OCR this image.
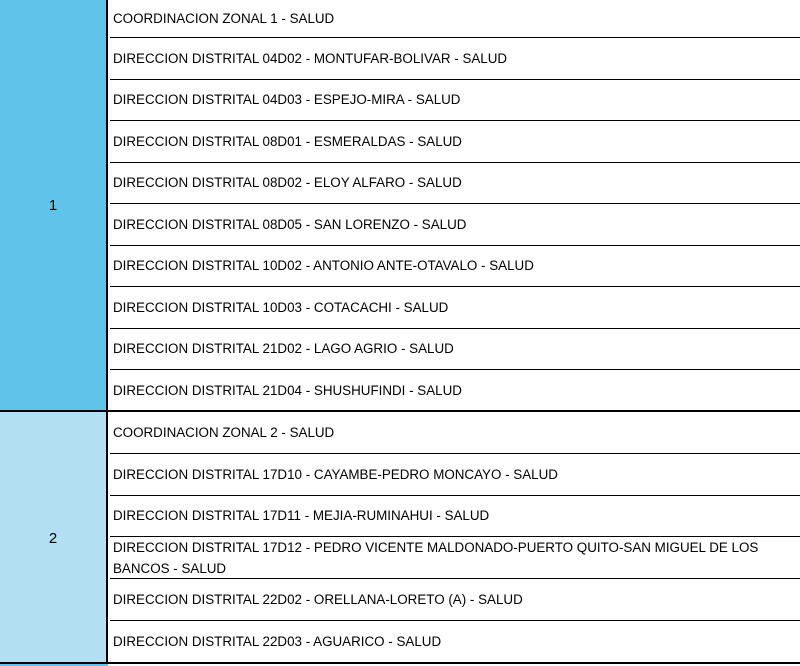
1
2
COORDINACION ZONAL 1 - SALUD
DIRECCION DISTRITAL 04D02 - MONTUFAR-BOLIVAR - SALUD
DIRECCION DISTRITAL 04D03 - ESPEJO-MIRA - SALUD
DIRECCION DISTRITAL 08D01 - ESMERALDAS - SALUD
DIRECCION DISTRITAL 08D02 - ELOY ALFARO - SALUD
DIRECCION DISTRITAL 08D05 - SAN LORENZO - SALUD
DIRECCION DISTRITAL 10D02 - ANTONIO ANTE-OTAVALO - SALUD
DIRECCION DISTRITAL 10D03 - COTACACHI - SALUD
DIRECCION DISTRITAL 21D02 - LAGO AGRIO - SALUD
DIRECCION DISTRITAL 21D04 - SHUSHUFINDI - SALUD
COORDINACION ZONAL 2 - SALUD
DIRECCION DISTRITAL 17D10 - CAYAMBE-PEDRO MONCAYO - SALUD
DIRECCION DISTRITAL 17D11 - MEJIA-RUMINAHUI - SALUD
DIRECCION DISTRITAL 17D12 - PEDRO VICENTE MALDONADO-PUERTO QUITO-SAN MIGUEL DE LOS BANCOS - SALUD
DIRECCION DISTRITAL 22D02 - ORELLANA-LORETO (A) - SALUD
DIRECCION DISTRITAL 22D03 - AGUARICO - SALUD
